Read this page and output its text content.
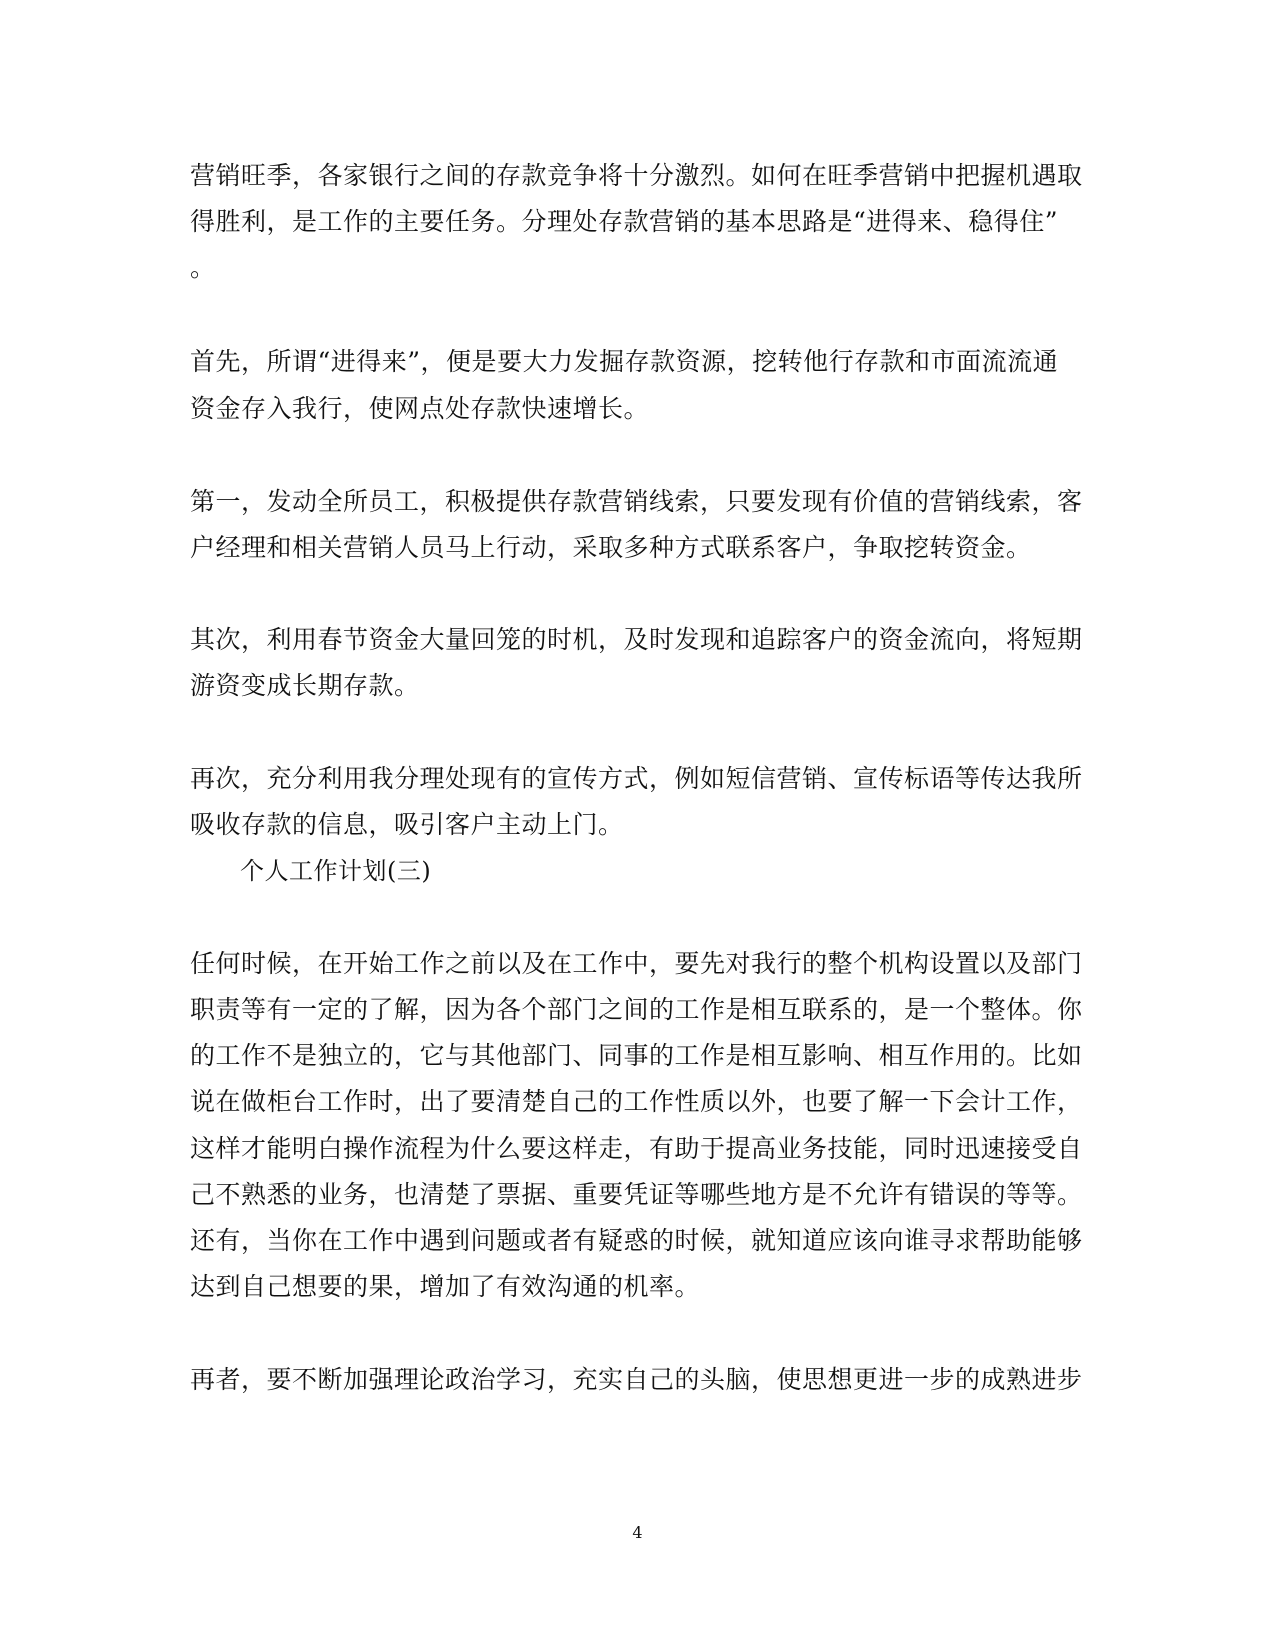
营销旺季，各家银行之间的存款竞争将十分激烈。如何在旺季营销中把握机遇取
得胜利，是工作的主要任务。分理处存款营销的基本思路是“进得来、稳得住”
。
首先，所谓“进得来”，便是要大力发掘存款资源，挖转他行存款和市面流流通
资金存入我行，使网点处存款快速增长。
第一，发动全所员工，积极提供存款营销线索，只要发现有价值的营销线索，客
户经理和相关营销人员马上行动，采取多种方式联系客户，争取挖转资金。
其次，利用春节资金大量回笼的时机，及时发现和追踪客户的资金流向，将短期
游资变成长期存款。
再次，充分利用我分理处现有的宣传方式，例如短信营销、宣传标语等传达我所
吸收存款的信息，吸引客户主动上门。
个人工作计划(三)
任何时候，在开始工作之前以及在工作中，要先对我行的整个机构设置以及部门
职责等有一定的了解，因为各个部门之间的工作是相互联系的，是一个整体。你
的工作不是独立的，它与其他部门、同事的工作是相互影响、相互作用的。比如
说在做柜台工作时，出了要清楚自己的工作性质以外，也要了解一下会计工作，
这样才能明白操作流程为什么要这样走，有助于提高业务技能，同时迅速接受自
己不熟悉的业务，也清楚了票据、重要凭证等哪些地方是不允许有错误的等等。
还有，当你在工作中遇到问题或者有疑惑的时候，就知道应该向谁寻求帮助能够
达到自己想要的果，增加了有效沟通的机率。
再者，要不断加强理论政治学习，充实自己的头脑，使思想更进一步的成熟进步
4
